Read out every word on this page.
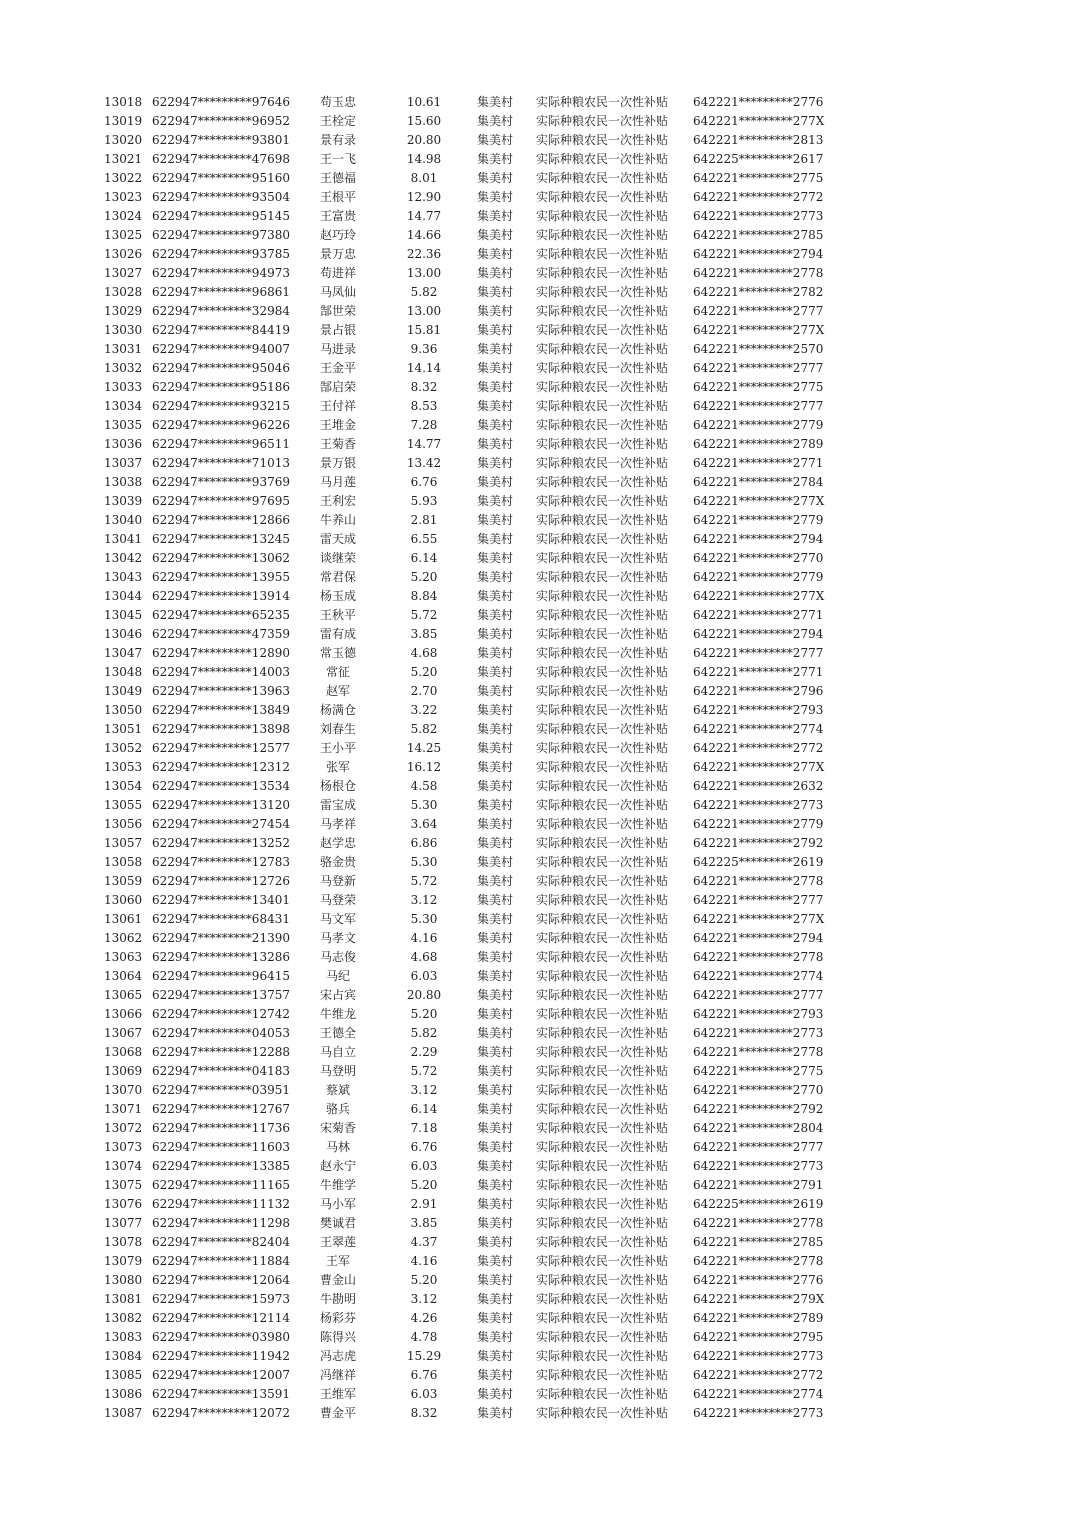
13018 622947*********97646	苟玉忠	10.61	集美村 实际种粮农民一次性补贴 642221*********2776
13019 622947*********96952	王栓定	15.60	集美村 实际种粮农民一次性补贴 642221*********277X
13020 622947*********93801	景有录	20.80	集美村 实际种粮农民一次性补贴 642221*********2813
13021 622947*********47698	王一飞	14.98	集美村 实际种粮农民一次性补贴 642225*********2617
13022 622947*********95160	王德福	8.01	集美村 实际种粮农民一次性补贴 642221*********2775
13023 622947*********93504	王根平	12.90	集美村 实际种粮农民一次性补贴 642221*********2772
13024 622947*********95145	王富贵	14.77	集美村 实际种粮农民一次性补贴 642221*********2773
13025 622947*********97380	赵巧玲	14.66	集美村 实际种粮农民一次性补贴 642221*********2785
13026 622947*********93785	景万忠	22.36	集美村 实际种粮农民一次性补贴 642221*********2794
13027 622947*********94973	苟进祥	13.00	集美村 实际种粮农民一次性补贴 642221*********2778
13028 622947*********96861	马凤仙	5.82	集美村 实际种粮农民一次性补贴 642221*********2782
13029 622947*********32984	郜世荣	13.00	集美村 实际种粮农民一次性补贴 642221*********2777
13030 622947*********84419	景占银	15.81	集美村 实际种粮农民一次性补贴 642221*********277X
13031 622947*********94007	马进录	9.36	集美村 实际种粮农民一次性补贴 642221*********2570
13032 622947*********95046	王金平	14.14	集美村 实际种粮农民一次性补贴 642221*********2777
13033 622947*********95186	郜启荣	8.32	集美村 实际种粮农民一次性补贴 642221*********2775
13034 622947*********93215	王付祥	8.53	集美村 实际种粮农民一次性补贴 642221*********2777
13035 622947*********96226	王堆金	7.28	集美村 实际种粮农民一次性补贴 642221*********2779
13036 622947*********96511	王菊香	14.77	集美村 实际种粮农民一次性补贴 642221*********2789
13037 622947*********71013	景万银	13.42	集美村 实际种粮农民一次性补贴 642221*********2771
13038 622947*********93769	马月莲	6.76	集美村 实际种粮农民一次性补贴 642221*********2784
13039 622947*********97695	王利宏	5.93	集美村 实际种粮农民一次性补贴 642221*********277X
13040 622947*********12866	牛养山	2.81	集美村 实际种粮农民一次性补贴 642221*********2779
13041 622947*********13245	雷天成	6.55	集美村 实际种粮农民一次性补贴 642221*********2794
13042 622947*********13062	谈继荣	6.14	集美村 实际种粮农民一次性补贴 642221*********2770
13043 622947*********13955	常君保	5.20	集美村 实际种粮农民一次性补贴 642221*********2779
13044 622947*********13914	杨玉成	8.84	集美村 实际种粮农民一次性补贴 642221*********277X
13045 622947*********65235	王秋平	5.72	集美村 实际种粮农民一次性补贴 642221*********2771
13046 622947*********47359	雷有成	3.85	集美村 实际种粮农民一次性补贴 642221*********2794
13047 622947*********12890	常玉德	4.68	集美村 实际种粮农民一次性补贴 642221*********2777
13048 622947*********14003	常征	5.20	集美村 实际种粮农民一次性补贴 642221*********2771
13049 622947*********13963	赵军	2.70	集美村 实际种粮农民一次性补贴 642221*********2796
13050 622947*********13849	杨满仓	3.22	集美村 实际种粮农民一次性补贴 642221*********2793
13051 622947*********13898	刘春生	5.82	集美村 实际种粮农民一次性补贴 642221*********2774
13052 622947*********12577	王小平	14.25	集美村 实际种粮农民一次性补贴 642221*********2772
13053 622947*********12312	张军	16.12	集美村 实际种粮农民一次性补贴 642221*********277X
13054 622947*********13534	杨根仓	4.58	集美村 实际种粮农民一次性补贴 642221*********2632
13055 622947*********13120	雷宝成	5.30	集美村 实际种粮农民一次性补贴 642221*********2773
13056 622947*********27454	马孝祥	3.64	集美村 实际种粮农民一次性补贴 642221*********2779
13057 622947*********13252	赵学忠	6.86	集美村 实际种粮农民一次性补贴 642221*********2792
13058 622947*********12783	骆金贵	5.30	集美村 实际种粮农民一次性补贴 642225*********2619
13059 622947*********12726	马登新	5.72	集美村 实际种粮农民一次性补贴 642221*********2778
13060 622947*********13401	马登荣	3.12	集美村 实际种粮农民一次性补贴 642221*********2777
13061 622947*********68431	马文军	5.30	集美村 实际种粮农民一次性补贴 642221*********277X
13062 622947*********21390	马孝文	4.16	集美村 实际种粮农民一次性补贴 642221*********2794
13063 622947*********13286	马志俊	4.68	集美村 实际种粮农民一次性补贴 642221*********2778
13064 622947*********96415	马纪	6.03	集美村 实际种粮农民一次性补贴 642221*********2774
13065 622947*********13757	宋占宾	20.80	集美村 实际种粮农民一次性补贴 642221*********2777
13066 622947*********12742	牛维龙	5.20	集美村 实际种粮农民一次性补贴 642221*********2793
13067 622947*********04053	王德全	5.82	集美村 实际种粮农民一次性补贴 642221*********2773
13068 622947*********12288	马自立	2.29	集美村 实际种粮农民一次性补贴 642221*********2778
13069 622947*********04183	马登明	5.72	集美村 实际种粮农民一次性补贴 642221*********2775
13070 622947*********03951	蔡斌	3.12	集美村 实际种粮农民一次性补贴 642221*********2770
13071 622947*********12767	骆兵	6.14	集美村 实际种粮农民一次性补贴 642221*********2792
13072 622947*********11736	宋菊香	7.18	集美村 实际种粮农民一次性补贴 642221*********2804
13073 622947*********11603	马林	6.76	集美村 实际种粮农民一次性补贴 642221*********2777
13074 622947*********13385	赵永宁	6.03	集美村 实际种粮农民一次性补贴 642221*********2773
13075 622947*********11165	牛维学	5.20	集美村 实际种粮农民一次性补贴 642221*********2791
13076 622947*********11132	马小军	2.91	集美村 实际种粮农民一次性补贴 642225*********2619
13077 622947*********11298	樊诚君	3.85	集美村 实际种粮农民一次性补贴 642221*********2778
13078 622947*********82404	王翠莲	4.37	集美村 实际种粮农民一次性补贴 642221*********2785
13079 622947*********11884	王军	4.16	集美村 实际种粮农民一次性补贴 642221*********2778
13080 622947*********12064	曹金山	5.20	集美村 实际种粮农民一次性补贴 642221*********2776
13081 622947*********15973	牛勘明	3.12	集美村 实际种粮农民一次性补贴 642221*********279X
13082 622947*********12114	杨彩芬	4.26	集美村 实际种粮农民一次性补贴 642221*********2789
13083 622947*********03980	陈得兴	4.78	集美村 实际种粮农民一次性补贴 642221*********2795
13084 622947*********11942	冯志虎	15.29	集美村 实际种粮农民一次性补贴 642221*********2773
13085 622947*********12007	冯继祥	6.76	集美村 实际种粮农民一次性补贴 642221*********2772
13086 622947*********13591	王维军	6.03	集美村 实际种粮农民一次性补贴 642221*********2774
13087 622947*********12072	曹金平	8.32	集美村 实际种粮农民一次性补贴 642221*********2773
